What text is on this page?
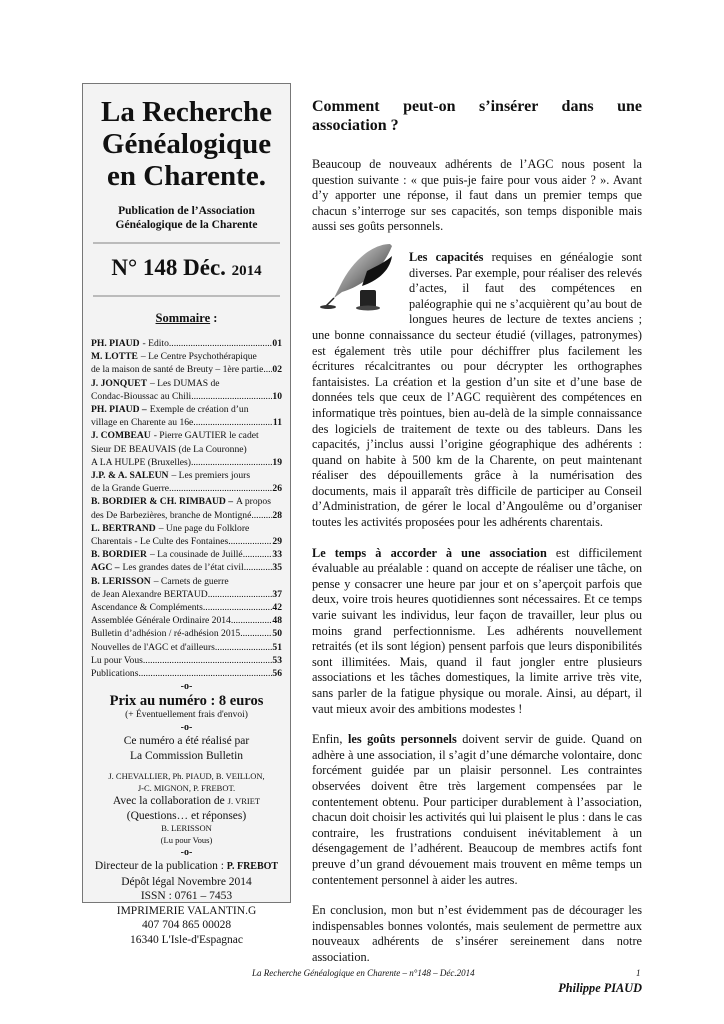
La Recherche
Généalogique
en Charente.
Publication de l’Association
Généalogique de la Charente
N° 148 Déc. 2014
Sommaire :
PH. PIAUD - Edito .....	01
M. LOTTE – Le Centre Psychothérapique
de la maison de santé de Breuty – 1ère partie ..... 02
J. JONQUET – Les DUMAS de
Condac-Bioussac au Chili .....	10
PH. PIAUD – Exemple de création d’un
village en Charente au 16e .....	11
J. COMBEAU - Pierre GAUTIER le cadet
Sieur DE BEAUVAIS (de La Couronne)
A LA HULPE (Bruxelles) .....	19
J.P. & A. SALEUN – Les premiers jours
de la Grande Guerre .....	26
B. BORDIER & CH. RIMBAUD – A propos
des De Barbezières, branche de Montigné ..... 28
L. BERTRAND – Une page du Folklore
Charentais - Le Culte des Fontaines .....	29
B. BORDIER – La cousinade de Juillé .....	33
AGC – Les grandes dates de l’état civil .....	35
B. LERISSON – Carnets de guerre
de Jean Alexandre BERTAUD .....	37
Ascendance & Compléments .....	42
Assemblée Générale Ordinaire 2014 .....	48
Bulletin d’adhésion / ré-adhésion 2015 .....	50
Nouvelles de l'AGC et d'ailleurs .....	51
Lu pour Vous .....	53
Publications .....	56
-o-
Prix au numéro : 8 euros
(+ Éventuellement frais d'envoi)
-o-
Ce numéro a été réalisé par
La Commission Bulletin
J. CHEVALLIER, Ph. PIAUD, B. VEILLON,
J-C. MIGNON, P. FREBOT.
Avec la collaboration de J. VRIET
(Questions… et réponses)
B. LERISSON
(Lu pour Vous)
-o-
Directeur de la publication : P. FREBOT
Dépôt légal Novembre 2014
ISSN : 0761 – 7453
IMPRIMERIE VALANTIN.G
407 704 865 00028
16340 L'Isle-d'Espagnac
Comment peut-on s’insérer dans une association ?

Beaucoup de nouveaux adhérents de l’AGC nous posent la question suivante : « que puis-je faire pour vous aider ? ». Avant d’y apporter une réponse, il faut dans un premier temps que chacun s’interroge sur ses capacités, son temps disponible mais aussi ses goûts personnels.

Les capacités requises en généalogie sont diverses. Par exemple, pour réaliser des relevés d’actes, il faut des compétences en paléographie qui ne s’acquièrent qu’au bout de longues heures de lecture de textes anciens ; une bonne connaissance du secteur étudié (villages, patronymes) est également très utile pour déchiffrer plus facilement les écritures récalcitrantes ou pour décrypter les orthographes fantaisistes. La création et la gestion d’un site et d’une base de données tels que ceux de l’AGC requièrent des compétences en informatique très pointues, bien au-delà de la simple connaissance des logiciels de traitement de texte ou des tableurs. Dans les capacités, j’inclus aussi l’origine géographique des adhérents : quand on habite à 500 km de la Charente, on peut maintenant réaliser des dépouillements grâce à la numérisation des documents, mais il apparaît très difficile de participer au Conseil d’Administration, de gérer le local d’Angoulême ou d’organiser toutes les activités proposées pour les adhérents charentais.

Le temps à accorder à une association est difficilement évaluable au préalable : quand on accepte de réaliser une tâche, on pense y consacrer une heure par jour et on s’aperçoit parfois que deux, voire trois heures quotidiennes sont nécessaires. Et ce temps varie suivant les individus, leur façon de travailler, leur plus ou moins grand perfectionnisme. Les adhérents nouvellement retraités (et ils sont légion) pensent parfois que leurs disponibilités sont illimitées. Mais, quand il faut jongler entre plusieurs associations et les tâches domestiques, la limite arrive très vite, sans parler de la fatigue physique ou morale. Ainsi, au départ, il vaut mieux avoir des ambitions modestes !

Enfin, les goûts personnels doivent servir de guide. Quand on adhère à une association, il s’agit d’une démarche volontaire, donc forcément guidée par un plaisir personnel. Les contraintes observées doivent être très largement compensées par le contentement obtenu. Pour participer durablement à l’association, chacun doit choisir les activités qui lui plaisent le plus : dans le cas contraire, les frustrations conduisent inévitablement à un désengagement de l’adhérent. Beaucoup de membres actifs font preuve d’un grand dévouement mais trouvent en même temps un contentement personnel à aider les autres.

En conclusion, mon but n’est évidemment pas de décourager les indispensables bonnes volontés, mais seulement de permettre aux nouveaux adhérents de s’insérer sereinement dans notre association.

Philippe PIAUD
La Recherche Généalogique en Charente – n°148 – Déc.2014	1
